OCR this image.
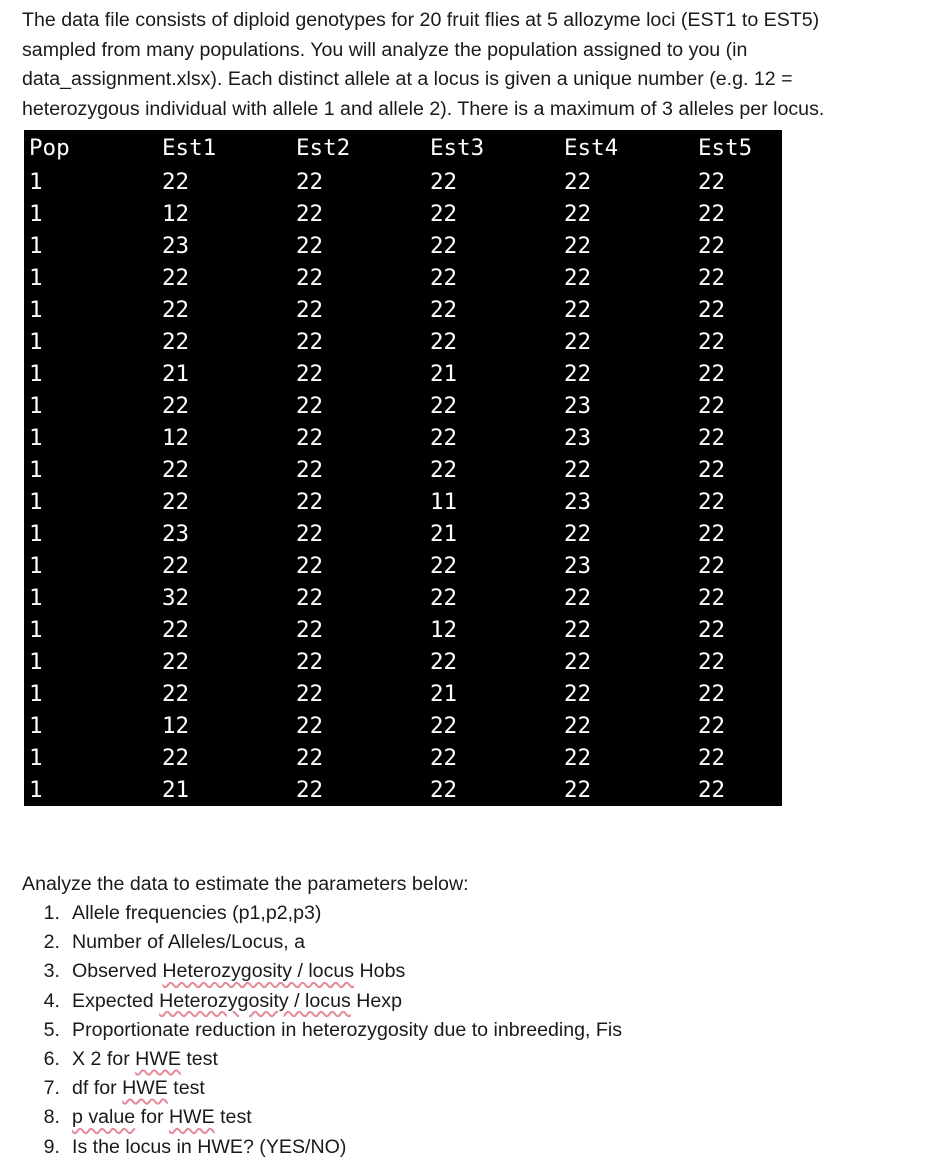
The data file consists of diploid genotypes for 20 fruit flies at 5 allozyme loci (EST1 to EST5)
sampled from many populations. You will analyze the population assigned to you (in
data_assignment.xlsx). Each distinct allele at a locus is given a unique number (e.g. 12 =
heterozygous individual with allele 1 and allele 2). There is a maximum of 3 alleles per locus.

Pop	Est1	Est2	Est3	Est4	Est5
1	22	22	22	22	22
1	12	22	22	22	22
1	23	22	22	22	22
1	22	22	22	22	22
1	22	22	22	22	22
1	22	22	22	22	22
1	21	22	21	22	22
1	22	22	22	23	22
1	12	22	22	23	22
1	22	22	22	22	22
1	22	22	11	23	22
1	23	22	21	22	22
1	22	22	22	23	22
1	32	22	22	22	22
1	22	22	12	22	22
1	22	22	22	22	22
1	22	22	21	22	22
1	12	22	22	22	22
1	22	22	22	22	22
1	21	22	22	22	22
Analyze the data to estimate the parameters below:
1. Allele frequencies (p1,p2,p3)
2. Number of Alleles/Locus, a
3. Observed Heterozygosity / locus Hobs
4. Expected Heterozygosity / locus Hexp
5. Proportionate reduction in heterozygosity due to inbreeding, Fis
6. X 2 for HWE test
7. df for HWE test
8. p value for HWE test
9. Is the locus in HWE? (YES/NO)
